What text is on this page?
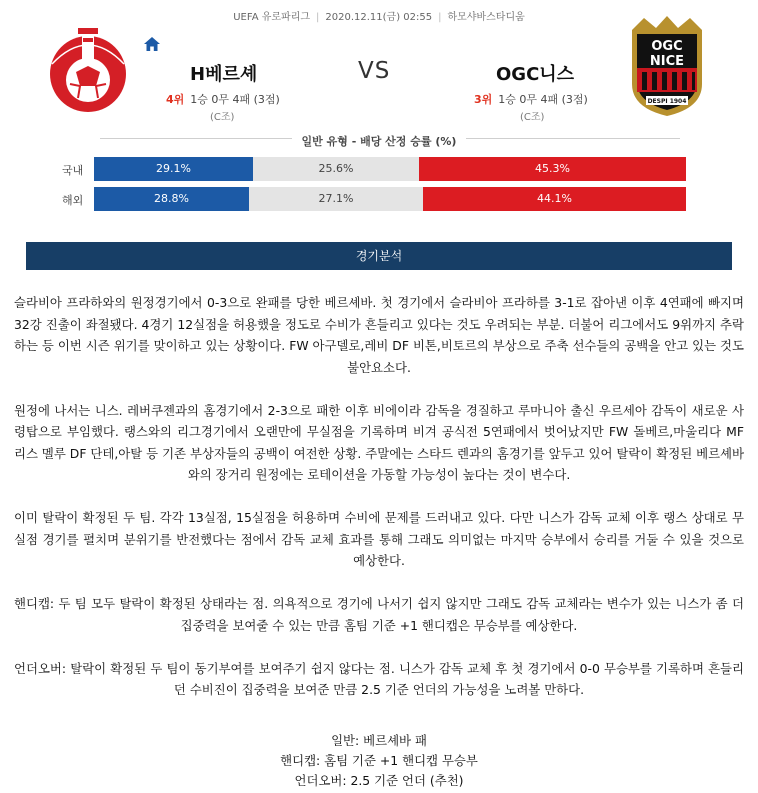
UEFA 유로파리그 | 2020.12.11(금) 02:55 | 하모샤바스타디움
H베르셰	VS	OGC니스
4위 1승 0무 4패 (3점)
(C조)
3위 1승 0무 4패 (3점)
(C조)
OGC
NICE
DESPI 1904
일반 유형 - 배당 산정 승률 (%)
국내	29.1%	25.6%	45.3%
해외	28.8%	27.1%	44.1%
경기분석

슬라비아 프라하와의 원정경기에서 0-3으로 완패를 당한 베르셰바. 첫 경기에서 슬라비아 프라하를 3-1로 잡아낸 이후 4연패에 빠지며 32강 진출이 좌절됐다. 4경기 12실점을 허용했을 정도로 수비가 흔들리고 있다는 것도 우려되는 부분. 더불어 리그에서도 9위까지 추락하는 등 이번 시즌 위기를 맞이하고 있는 상황이다. FW 아구델로,레비 DF 비톤,비토르의 부상으로 주축 선수들의 공백을 안고 있는 것도 불안요소다.

원정에 나서는 니스. 레버쿠젠과의 홈경기에서 2-3으로 패한 이후 비에이라 감독을 경질하고 루마니아 출신 우르세아 감독이 새로운 사령탑으로 부임했다. 랭스와의 리그경기에서 오랜만에 무실점을 기록하며 비겨 공식전 5연패에서 벗어났지만 FW 돌베르,마울리다 MF 리스 멜루 DF 단테,아탈 등 기존 부상자들의 공백이 여전한 상황. 주말에는 스타드 렌과의 홈경기를 앞두고 있어 탈락이 확정된 베르셰바와의 장거리 원정에는 로테이션을 가동할 가능성이 높다는 것이 변수다.

이미 탈락이 확정된 두 팀. 각각 13실점, 15실점을 허용하며 수비에 문제를 드러내고 있다. 다만 니스가 감독 교체 이후 랭스 상대로 무실점 경기를 펼치며 분위기를 반전했다는 점에서 감독 교체 효과를 통해 그래도 의미없는 마지막 승부에서 승리를 거둘 수 있을 것으로 예상한다.

핸디캡: 두 팀 모두 탈락이 확정된 상태라는 점. 의욕적으로 경기에 나서기 쉽지 않지만 그래도 감독 교체라는 변수가 있는 니스가 좀 더 집중력을 보여줄 수 있는 만큼 홈팀 기준 +1 핸디캡은 무승부를 예상한다.

언더오버: 탈락이 확정된 두 팀이 동기부여를 보여주기 쉽지 않다는 점. 니스가 감독 교체 후 첫 경기에서 0-0 무승부를 기록하며 흔들리던 수비진이 집중력을 보여준 만큼 2.5 기준 언더의 가능성을 노려볼 만하다.

일반: 베르셰바 패
핸디캡: 홈팀 기준 +1 핸디캡 무승부
언더오버: 2.5 기준 언더 (추천)
